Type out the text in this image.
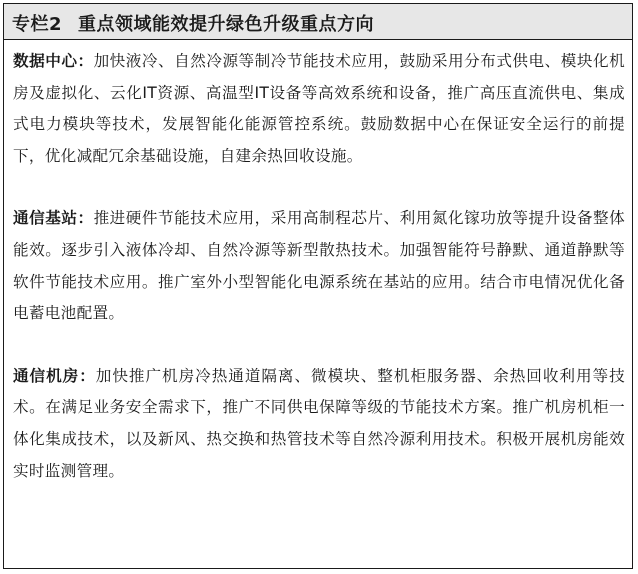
专栏2 重点领域能效提升绿色升级重点方向

数据中心：加快液冷、自然冷源等制冷节能技术应用，鼓励采用分布式供电、模块化机房及虚拟化、云化IT资源、高温型IT设备等高效系统和设备，推广高压直流供电、集成式电力模块等技术，发展智能化能源管控系统。鼓励数据中心在保证安全运行的前提下，优化减配冗余基础设施，自建余热回收设施。

通信基站：推进硬件节能技术应用，采用高制程芯片、利用氮化镓功放等提升设备整体能效。逐步引入液体冷却、自然冷源等新型散热技术。加强智能符号静默、通道静默等软件节能技术应用。推广室外小型智能化电源系统在基站的应用。结合市电情况优化备电蓄电池配置。

通信机房：加快推广机房冷热通道隔离、微模块、整机柜服务器、余热回收利用等技术。在满足业务安全需求下，推广不同供电保障等级的节能技术方案。推广机房机柜一体化集成技术，以及新风、热交换和热管技术等自然冷源利用技术。积极开展机房能效实时监测管理。
